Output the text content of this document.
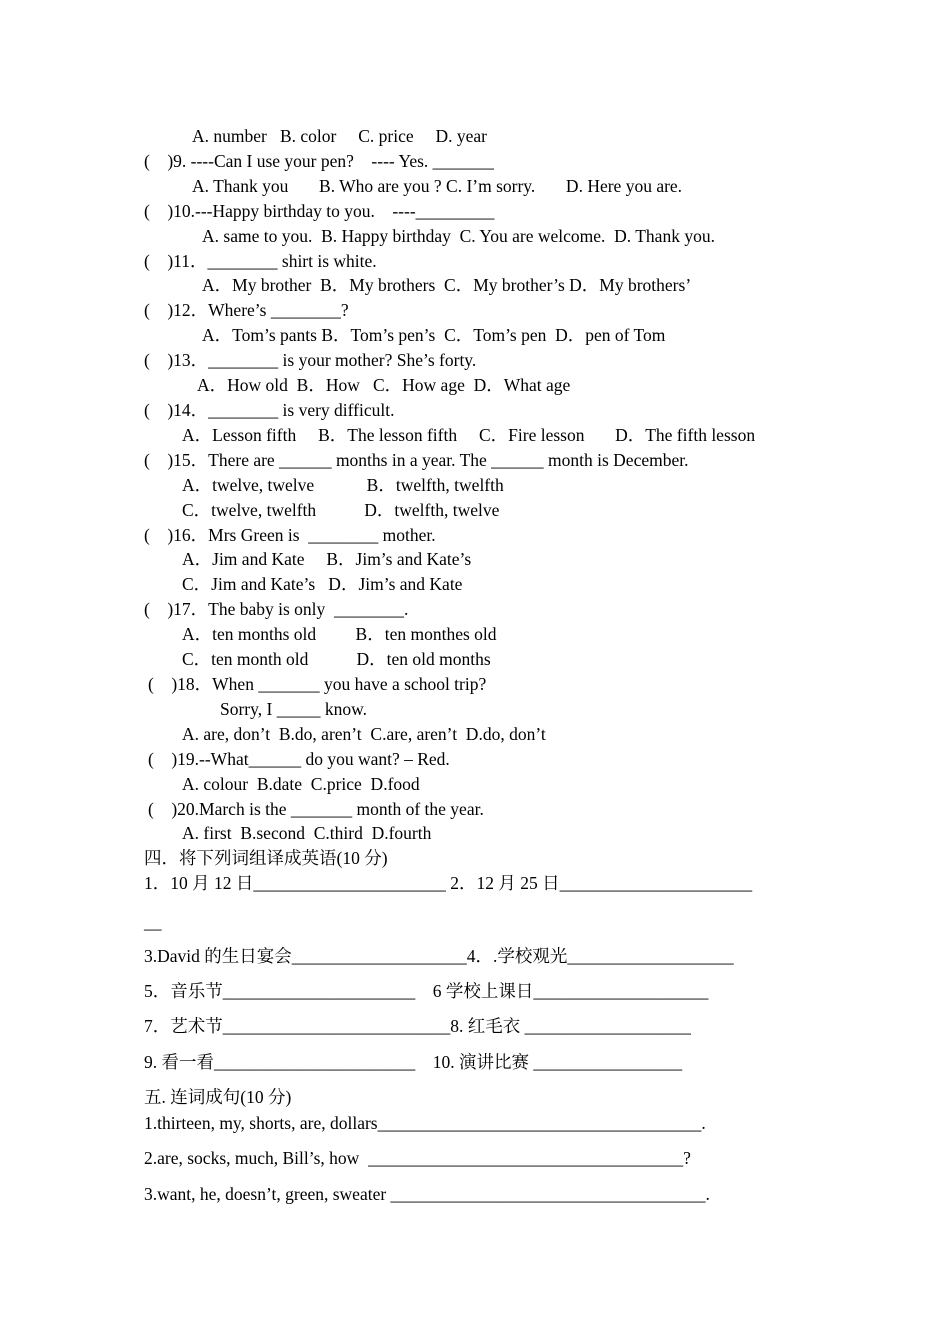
A. number   B. color     C. price     D. year
(    )9. ----Can I use your pen?    ---- Yes. _______
A. Thank you       B. Who are you ? C. I’m sorry.       D. Here you are.
(    )10.---Happy birthday to you.    ----_________
A. same to you.  B. Happy birthday  C. You are welcome.  D. Thank you.
(    )11．________ shirt is white.
A．My brother  B．My brothers  C．My brother’s D．My brothers’
(    )12．Where’s ________?
A．Tom’s pants B．Tom’s pen’s  C．Tom’s pen  D．pen of Tom
(    )13．________ is your mother? She’s forty.
A．How old  B．How   C．How age  D．What age
(    )14．________ is very difficult.
A．Lesson fifth     B．The lesson fifth     C．Fire lesson       D．The fifth lesson
(    )15．There are ______ months in a year. The ______ month is December.
A．twelve, twelve            B．twelfth, twelfth
C．twelve, twelfth           D．twelfth, twelve
(    )16．Mrs Green is  ________ mother.
A．Jim and Kate     B．Jim’s and Kate’s
C．Jim and Kate’s   D．Jim’s and Kate
(    )17．The baby is only  ________.
A．ten months old         B．ten monthes old
C．ten month old           D．ten old months
(    )18．When _______ you have a school trip?
Sorry, I _____ know.
A. are, don’t  B.do, aren’t  C.are, aren’t  D.do, don’t
(    )19.--What______ do you want? – Red.
A. colour  B.date  C.price  D.food
(    )20.March is the _______ month of the year.
A. first  B.second  C.third  D.fourth
四．将下列词组译成英语(10 分)
1．10 月 12 日______________________ 2．12 月 25 日______________________
__
3.David 的生日宴会____________________4．.学校观光___________________
5．音乐节______________________    6 学校上课日____________________
7．艺术节__________________________8. 红毛衣 ___________________
9. 看一看_______________________    10. 演讲比赛 _________________
五. 连词成句(10 分)
1.thirteen, my, shorts, are, dollars_____________________________________.
2.are, socks, much, Bill’s, how  ____________________________________?
3.want, he, doesn’t, green, sweater ____________________________________.
